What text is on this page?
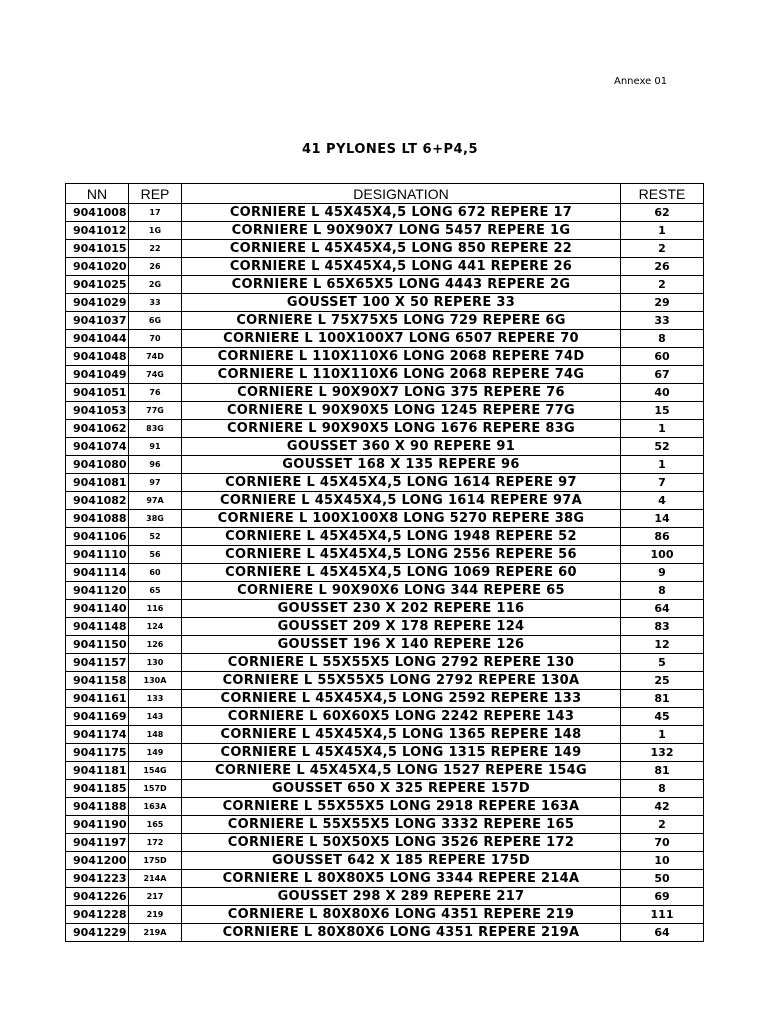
Annexe 01
41 PYLONES LT 6+P4,5
NN	REP	DESIGNATION	RESTE
9041008	17	CORNIERE L 45X45X4,5 LONG 672 REPERE 17	62
9041012	1G	CORNIERE L 90X90X7 LONG 5457 REPERE 1G	1
9041015	22	CORNIERE L 45X45X4,5 LONG 850 REPERE 22	2
9041020	26	CORNIERE L 45X45X4,5 LONG 441 REPERE 26	26
9041025	2G	CORNIERE L 65X65X5 LONG 4443 REPERE 2G	2
9041029	33	GOUSSET 100 X 50 REPERE 33	29
9041037	6G	CORNIERE L 75X75X5 LONG 729 REPERE 6G	33
9041044	70	CORNIERE L 100X100X7 LONG 6507 REPERE 70	8
9041048	74D	CORNIERE L 110X110X6 LONG 2068 REPERE 74D	60
9041049	74G	CORNIERE L 110X110X6 LONG 2068 REPERE 74G	67
9041051	76	CORNIERE L 90X90X7 LONG 375 REPERE 76	40
9041053	77G	CORNIERE L 90X90X5 LONG 1245 REPERE 77G	15
9041062	83G	CORNIERE L 90X90X5 LONG 1676 REPERE 83G	1
9041074	91	GOUSSET 360 X 90 REPERE 91	52
9041080	96	GOUSSET 168 X 135 REPERE 96	1
9041081	97	CORNIERE L 45X45X4,5 LONG 1614 REPERE 97	7
9041082	97A	CORNIERE L 45X45X4,5 LONG 1614 REPERE 97A	4
9041088	38G	CORNIERE L 100X100X8 LONG 5270 REPERE 38G	14
9041106	52	CORNIERE L 45X45X4,5 LONG 1948 REPERE 52	86
9041110	56	CORNIERE L 45X45X4,5 LONG 2556 REPERE 56	100
9041114	60	CORNIERE L 45X45X4,5 LONG 1069 REPERE 60	9
9041120	65	CORNIERE L 90X90X6 LONG 344 REPERE 65	8
9041140	116	GOUSSET 230 X 202 REPERE 116	64
9041148	124	GOUSSET 209 X 178 REPERE 124	83
9041150	126	GOUSSET 196 X 140 REPERE 126	12
9041157	130	CORNIERE L 55X55X5 LONG 2792 REPERE 130	5
9041158	130A	CORNIERE L 55X55X5 LONG 2792 REPERE 130A	25
9041161	133	CORNIERE L 45X45X4,5 LONG 2592 REPERE 133	81
9041169	143	CORNIERE L 60X60X5 LONG 2242 REPERE 143	45
9041174	148	CORNIERE L 45X45X4,5 LONG 1365 REPERE 148	1
9041175	149	CORNIERE L 45X45X4,5 LONG 1315 REPERE 149	132
9041181	154G	CORNIERE L 45X45X4,5 LONG 1527 REPERE 154G	81
9041185	157D	GOUSSET 650 X 325 REPERE 157D	8
9041188	163A	CORNIERE L 55X55X5 LONG 2918 REPERE 163A	42
9041190	165	CORNIERE L 55X55X5 LONG 3332 REPERE 165	2
9041197	172	CORNIERE L 50X50X5 LONG 3526 REPERE 172	70
9041200	175D	GOUSSET 642 X 185 REPERE 175D	10
9041223	214A	CORNIERE L 80X80X5 LONG 3344 REPERE 214A	50
9041226	217	GOUSSET 298 X 289 REPERE 217	69
9041228	219	CORNIERE L 80X80X6 LONG 4351 REPERE 219	111
9041229	219A	CORNIERE L 80X80X6 LONG 4351 REPERE 219A	64
